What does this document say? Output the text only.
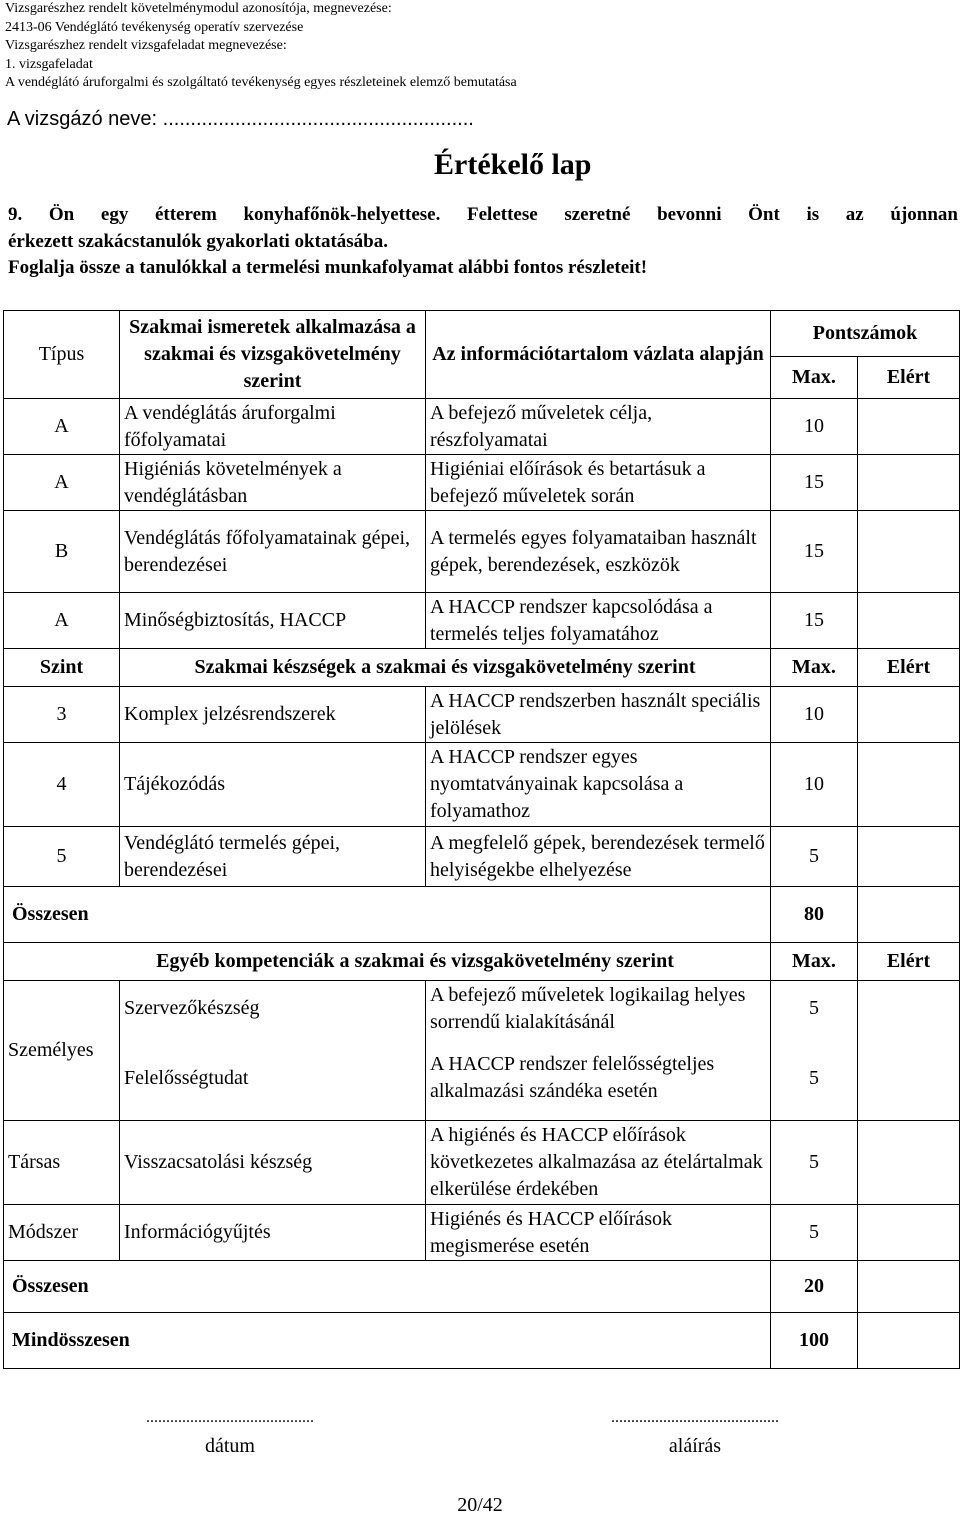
Vizsgarészhez rendelt követelménymodul azonosítója, megnevezése:
2413-06 Vendéglátó tevékenység operatív szervezése
Vizsgarészhez rendelt vizsgafeladat megnevezése:
1. vizsgafeladat
A vendéglátó áruforgalmi és szolgáltató tevékenység egyes részleteinek elemző bemutatása
A vizsgázó neve: ........................................................
Értékelő lap
9. Ön egy étterem konyhafőnök-helyettese. Felettese szeretné bevonni Önt is az újonnan
érkezett szakácstanulók gyakorlati oktatásába.
Foglalja össze a tanulókkal a termelési munkafolyamat alábbi fontos részleteit!
Típus	Szakmai ismeretek alkalmazása a szakmai és vizsgakövetelmény szerint	Az információtartalom vázlata alapján	Pontszámok	
			Max.	Elért
A	A vendéglátás áruforgalmi főfolyamatai	A befejező műveletek célja, részfolyamatai	10	
A	Higiéniás követelmények a vendéglátásban	Higiéniai előírások és betartásuk a befejező műveletek során	15	
B	Vendéglátás főfolyamatainak gépei, berendezései	A termelés egyes folyamataiban használt gépek, berendezések, eszközök	15	
A	Minőségbiztosítás, HACCP	A HACCP rendszer kapcsolódása a termelés teljes folyamatához	15	
Szint	Szakmai készségek a szakmai és vizsgakövetelmény szerint		Max.	Elért
3	Komplex jelzésrendszerek	A HACCP rendszerben használt speciális jelölések	10	
4	Tájékozódás	A HACCP rendszer egyes nyomtatványainak kapcsolása a folyamathoz	10	
5	Vendéglátó termelés gépei, berendezései	A megfelelő gépek, berendezések termelő helyiségekbe elhelyezése	5	
Összesen			80	
Egyéb kompetenciák a szakmai és vizsgakövetelmény szerint			Max.	Elért
Személyes	Szervezőkészség	A befejező műveletek logikailag helyes sorrendű kialakításánál	5	
	Felelősségtudat	A HACCP rendszer felelősségteljes alkalmazási szándéka esetén	5	
Társas	Visszacsatolási készség	A higiénés és HACCP előírások következetes alkalmazása az ételártalmak elkerülése érdekében	5	
Módszer	Információgyűjtés	Higiénés és HACCP előírások megismerése esetén	5	
Összesen			20	
Mindösszesen			100	
..........................................
dátum
..........................................
aláírás
20/42
